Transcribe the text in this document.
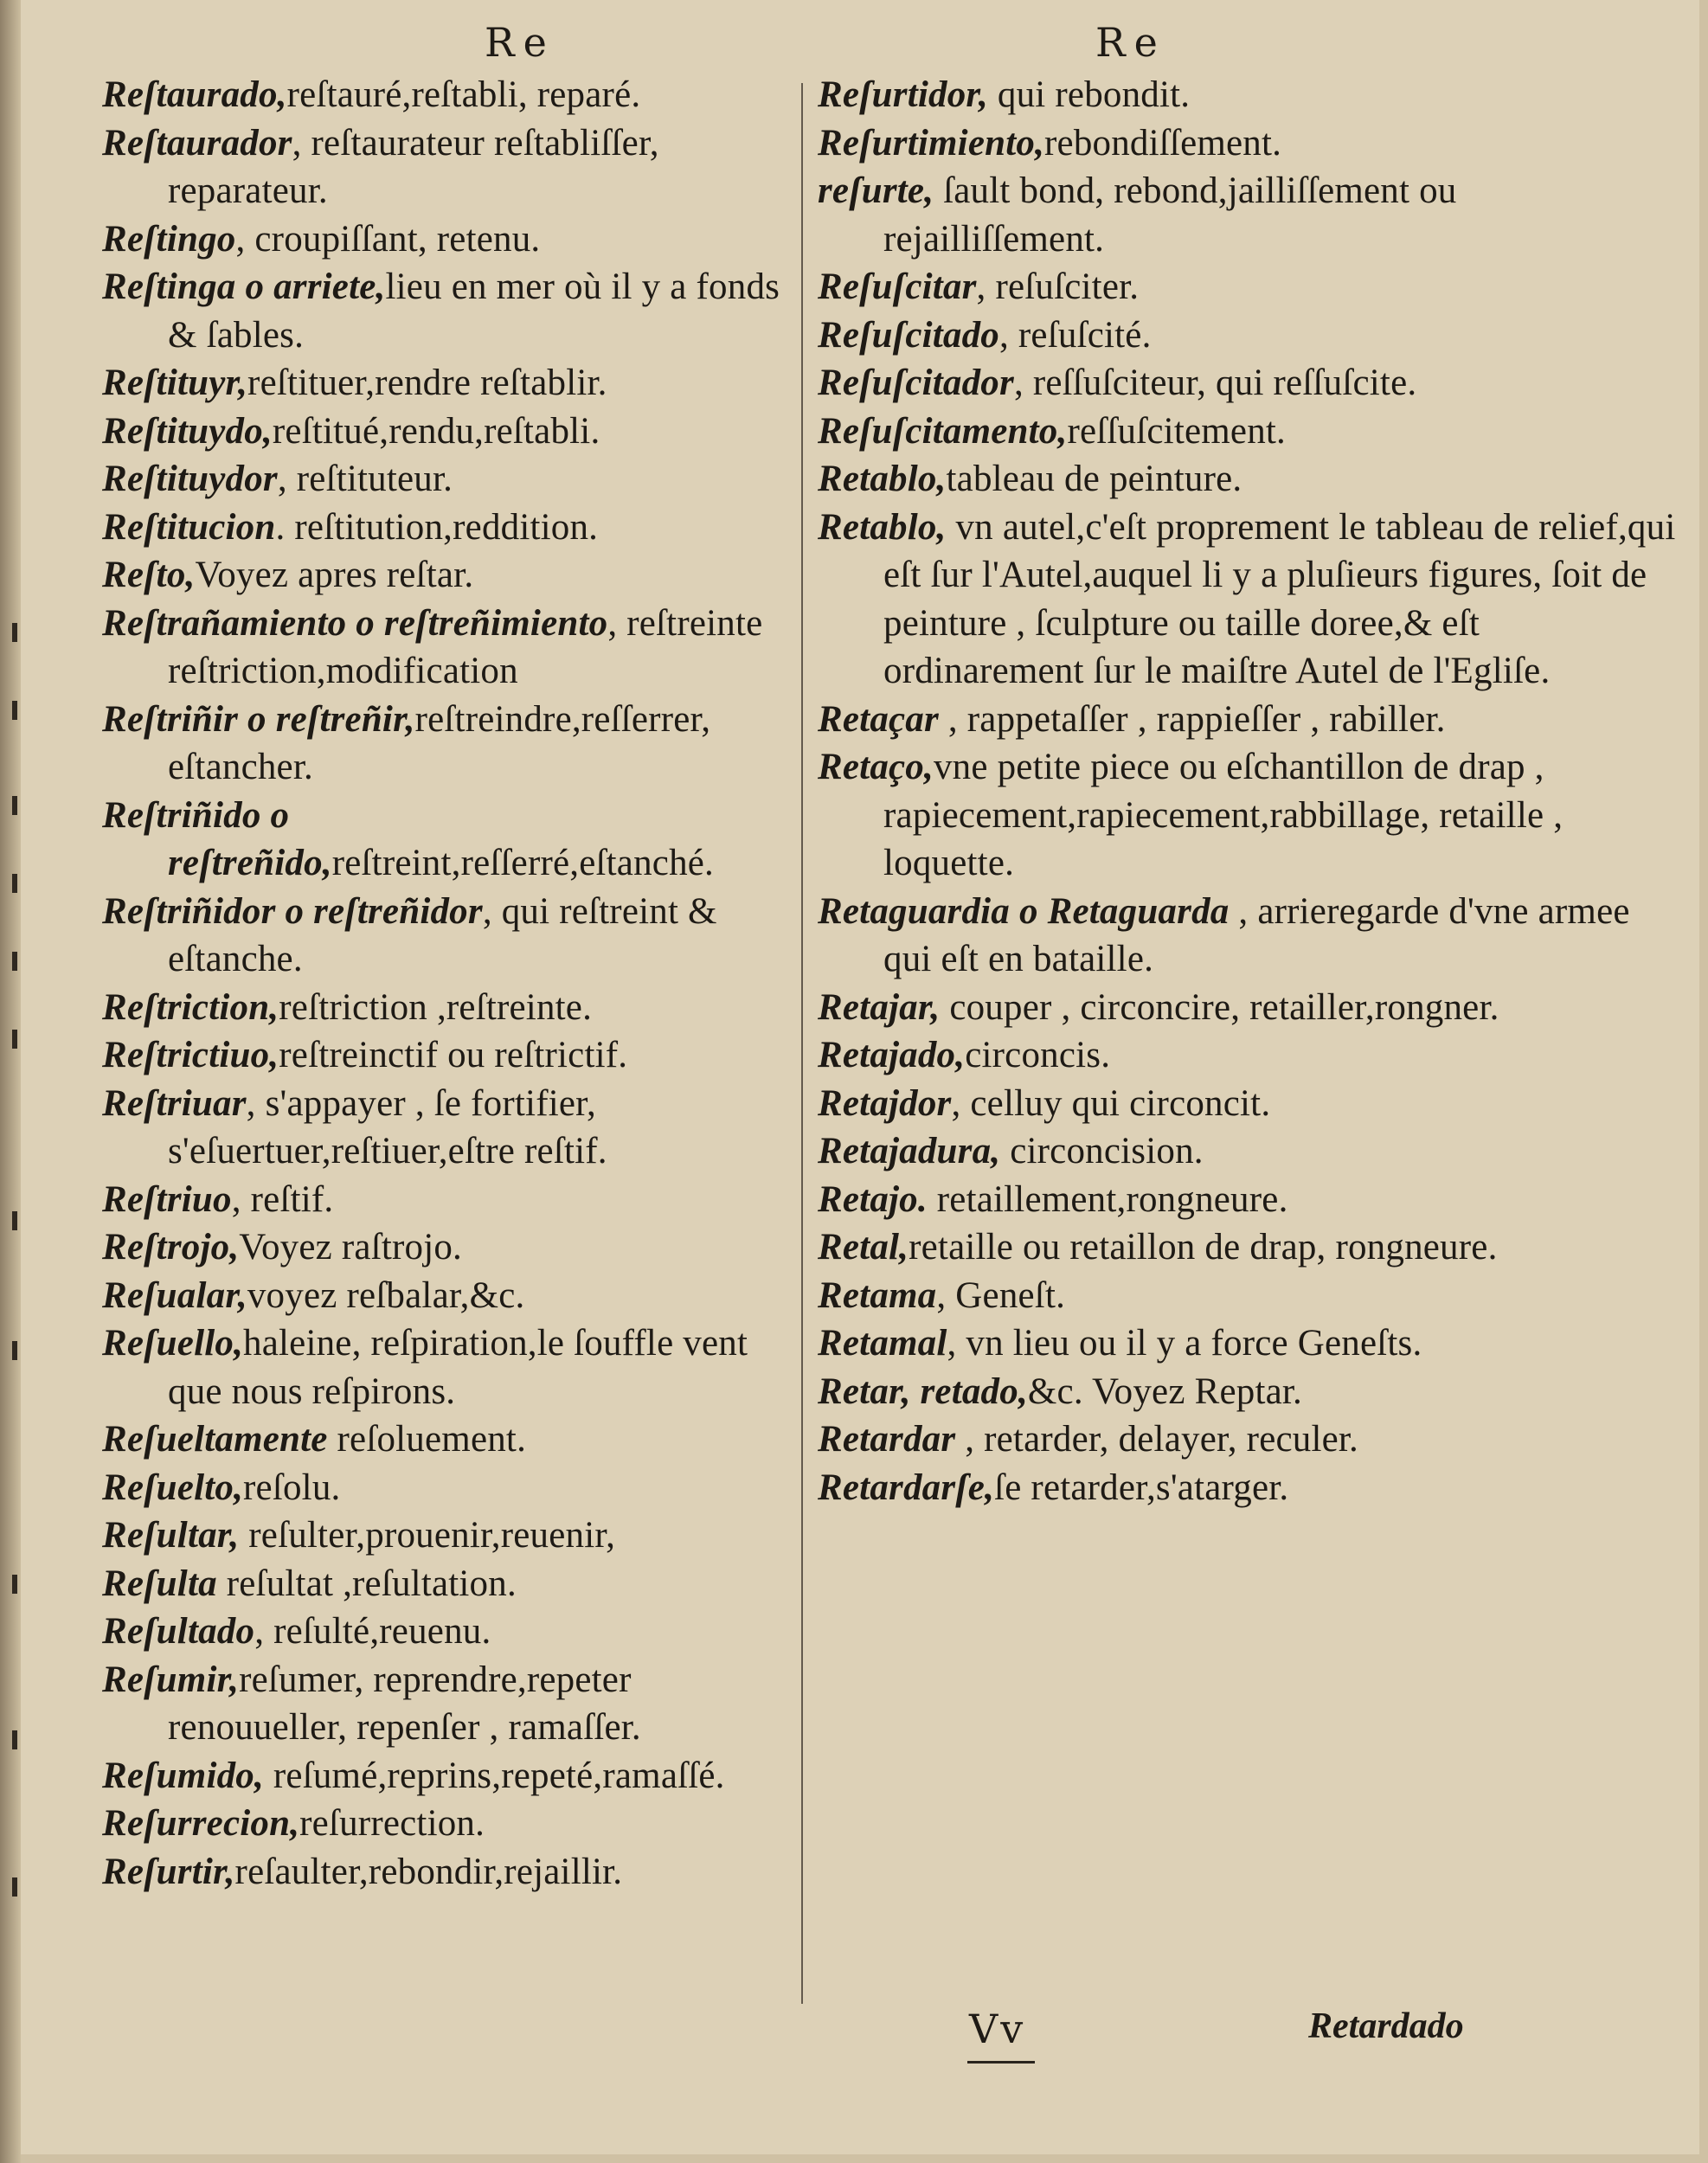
Re	Re
Reſtaurado,reſtauré,reſtabli, reparé.
Reſtaurador, reſtaurateur reſtabliſſer, reparateur.
Reſtingo, croupiſſant, retenu.
Reſtinga o arriete,lieu en mer où il y a fonds & ſables.
Reſtituyr,reſtituer,rendre reſtablir.
Reſtituydo,reſtitué,rendu,reſtabli.
Reſtituydor, reſtituteur.
Reſtitucion. reſtitution,reddition.
Reſto,Voyez apres reſtar.
Reſtrañamiento o reſtreñimiento, reſtreinte reſtriction,modification
Reſtriñir o reſtreñir,reſtreindre,reſſerrer, eſtancher.
Reſtriñido o reſtreñido,reſtreint,reſſerré,eſtanché.
Reſtriñidor o reſtreñidor, qui reſtreint & eſtanche.
Reſtriction,reſtriction ,reſtreinte.
Reſtrictiuo,reſtreinctif ou reſtrictif.
Reſtriuar, s'appayer , ſe fortifier, s'eſuertuer,reſtiuer,eſtre reſtif.
Reſtriuo, reſtif.
Reſtrojo,Voyez raſtrojo.
Reſualar,voyez reſbalar,&c.
Reſuello,haleine, reſpiration,le ſouffle vent que nous reſpirons.
Reſueltamente reſoluement.
Reſuelto,reſolu.
Reſultar, reſulter,prouenir,reuenir,
Reſulta reſultat ,reſultation.
Reſultado, reſulté,reuenu.
Reſumir,reſumer, reprendre,repeter renouueller, repenſer , ramaſſer.
Reſumido, reſumé,reprins,repeté,ramaſſé.
Reſurrecion,reſurrection.
Reſurtir,reſaulter,rebondir,rejaillir.
Reſurtidor, qui rebondit.
Reſurtimiento,rebondiſſement.
reſurte, ſault bond, rebond,jailliſſement ou rejailliſſement.
Reſuſcitar, reſuſciter.
Reſuſcitado, reſuſcité.
Reſuſcitador, reſſuſciteur, qui reſſuſcite.
Reſuſcitamento,reſſuſcitement.
Retablo,tableau de peinture.
Retablo, vn autel,c'eſt proprement le tableau de relief,qui eſt ſur l'Autel,auquel li y a pluſieurs figures, ſoit de peinture , ſculpture ou taille doree,& eſt ordinarement ſur le maiſtre Autel de l'Egliſe.
Retaçar , rappetaſſer , rappieſſer , rabiller.
Retaço,vne petite piece ou eſchantillon de drap , rapiecement,rapiecement,rabbillage, retaille , loquette.
Retaguardia o Retaguarda , arrieregarde d'vne armee qui eſt en bataille.
Retajar, couper , circoncire, retailler,rongner.
Retajado,circoncis.
Retajdor, celluy qui circoncit.
Retajadura, circoncision.
Retajo. retaillement,rongneure.
Retal,retaille ou retaillon de drap, rongneure.
Retama, Geneſt.
Retamal, vn lieu ou il y a force Geneſts.
Retar, retado,&c. Voyez Reptar.
Retardar , retarder, delayer, reculer.
Retardarſe,ſe retarder,s'atarger.
Vv	Retardado
